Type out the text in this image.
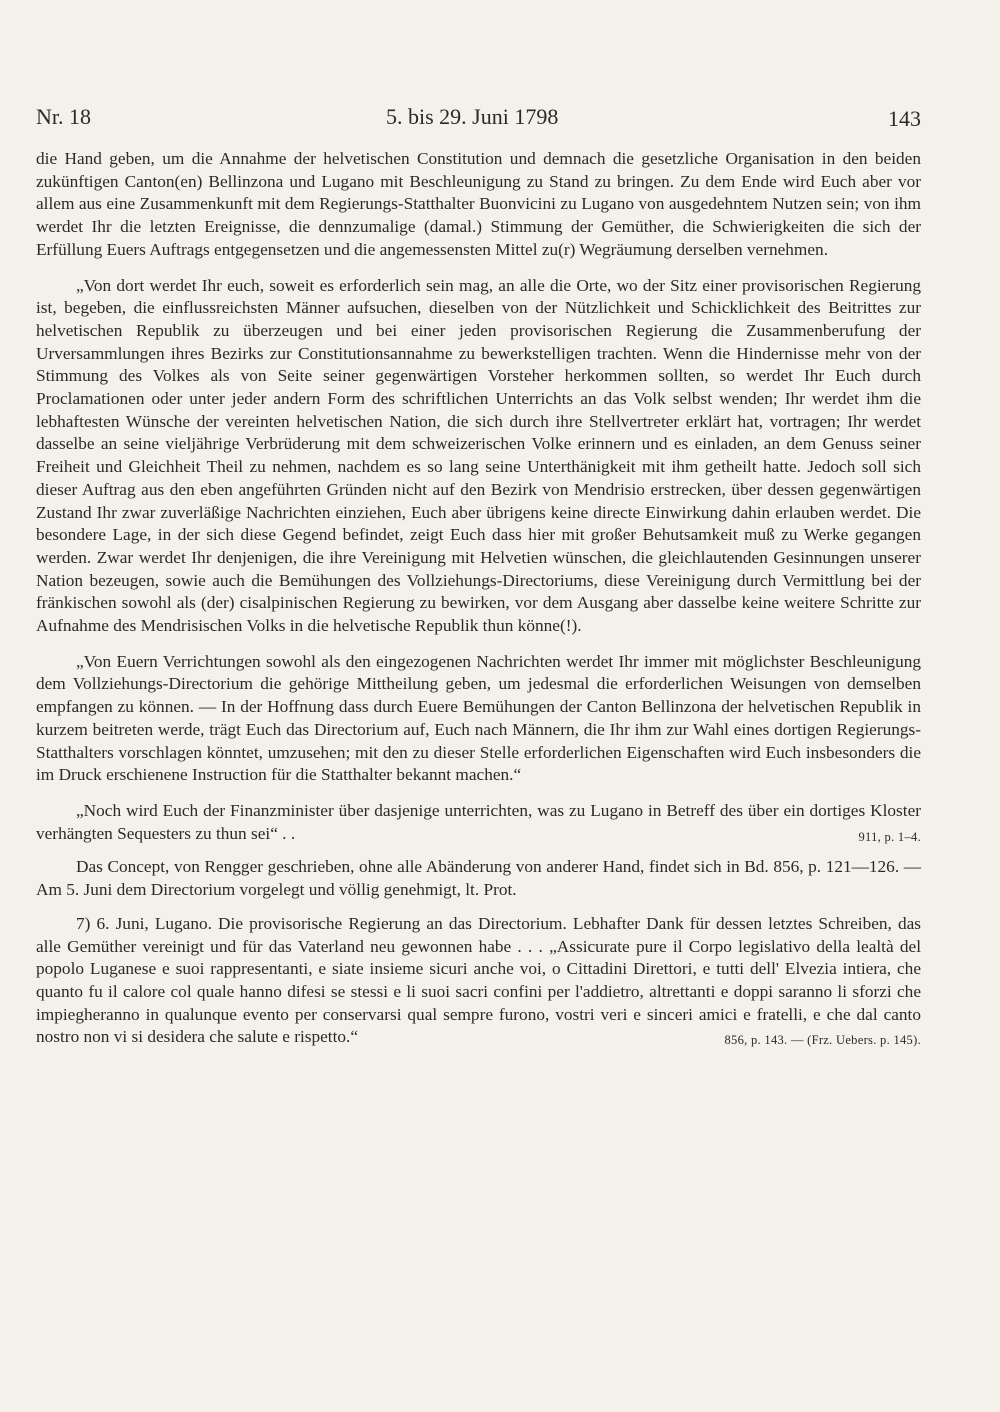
Nr. 18	5. bis 29. Juni 1798	143

die Hand geben, um die Annahme der helvetischen Constitution und demnach die gesetzliche Organisation in den beiden zukünftigen Canton(en) Bellinzona und Lugano mit Beschleunigung zu Stand zu bringen. Zu dem Ende wird Euch aber vor allem aus eine Zusammenkunft mit dem Regierungs-Statthalter Buonvicini zu Lugano von ausgedehntem Nutzen sein; von ihm werdet Ihr die letzten Ereignisse, die dennzumalige (damal.) Stimmung der Gemüther, die Schwierigkeiten die sich der Erfüllung Euers Auftrags entgegensetzen und die angemessensten Mittel zu(r) Wegräumung derselben vernehmen.

„Von dort werdet Ihr euch, soweit es erforderlich sein mag, an alle die Orte, wo der Sitz einer provisorischen Regierung ist, begeben, die einflussreichsten Männer aufsuchen, dieselben von der Nützlichkeit und Schicklichkeit des Beitrittes zur helvetischen Republik zu überzeugen und bei einer jeden provisorischen Regierung die Zusammenberufung der Urversammlungen ihres Bezirks zur Constitutionsannahme zu bewerkstelligen trachten. Wenn die Hindernisse mehr von der Stimmung des Volkes als von Seite seiner gegenwärtigen Vorsteher herkommen sollten, so werdet Ihr Euch durch Proclamationen oder unter jeder andern Form des schriftlichen Unterrichts an das Volk selbst wenden; Ihr werdet ihm die lebhaftesten Wünsche der vereinten helvetischen Nation, die sich durch ihre Stellvertreter erklärt hat, vortragen; Ihr werdet dasselbe an seine vieljährige Verbrüderung mit dem schweizerischen Volke erinnern und es einladen, an dem Genuss seiner Freiheit und Gleichheit Theil zu nehmen, nachdem es so lang seine Unterthänigkeit mit ihm getheilt hatte. Jedoch soll sich dieser Auftrag aus den eben angeführten Gründen nicht auf den Bezirk von Mendrisio erstrecken, über dessen gegenwärtigen Zustand Ihr zwar zuverläßige Nachrichten einziehen, Euch aber übrigens keine directe Einwirkung dahin erlauben werdet. Die besondere Lage, in der sich diese Gegend befindet, zeigt Euch dass hier mit großer Behutsamkeit muß zu Werke gegangen werden. Zwar werdet Ihr denjenigen, die ihre Vereinigung mit Helvetien wünschen, die gleichlautenden Gesinnungen unserer Nation bezeugen, sowie auch die Bemühungen des Vollziehungs-Directoriums, diese Vereinigung durch Vermittlung bei der fränkischen sowohl als (der) cisalpinischen Regierung zu bewirken, vor dem Ausgang aber dasselbe keine weitere Schritte zur Aufnahme des Mendrisischen Volks in die helvetische Republik thun könne(!).

„Von Euern Verrichtungen sowohl als den eingezogenen Nachrichten werdet Ihr immer mit möglichster Beschleunigung dem Vollziehungs-Directorium die gehörige Mittheilung geben, um jedesmal die erforderlichen Weisungen von demselben empfangen zu können. — In der Hoffnung dass durch Euere Bemühungen der Canton Bellinzona der helvetischen Republik in kurzem beitreten werde, trägt Euch das Directorium auf, Euch nach Männern, die Ihr ihm zur Wahl eines dortigen Regierungs-Statthalters vorschlagen könntet, umzusehen; mit den zu dieser Stelle erforderlichen Eigenschaften wird Euch insbesonders die im Druck erschienene Instruction für die Statthalter bekannt machen.“

„Noch wird Euch der Finanzminister über dasjenige unterrichten, was zu Lugano in Betreff des über ein dortiges Kloster verhängten Sequesters zu thun sei“ . .	911, p. 1–4.

Das Concept, von Rengger geschrieben, ohne alle Abänderung von anderer Hand, findet sich in Bd. 856, p. 121—126. — Am 5. Juni dem Directorium vorgelegt und völlig genehmigt, lt. Prot.

7) 6. Juni, Lugano. Die provisorische Regierung an das Directorium. Lebhafter Dank für dessen letztes Schreiben, das alle Gemüther vereinigt und für das Vaterland neu gewonnen habe . . . „Assicurate pure il Corpo legislativo della lealtà del popolo Luganese e suoi rappresentanti, e siate insieme sicuri anche voi, o Cittadini Direttori, e tutti dell' Elvezia intiera, che quanto fu il calore col quale hanno difesi se stessi e li suoi sacri confini per l'addietro, altrettanti e doppi saranno li sforzi che impiegheranno in qualunque evento per conservarsi qual sempre furono, vostri veri e sinceri amici e fratelli, e che dal canto nostro non vi si desidera che salute e rispetto.“	856, p. 143. — (Frz. Uebers. p. 145).
